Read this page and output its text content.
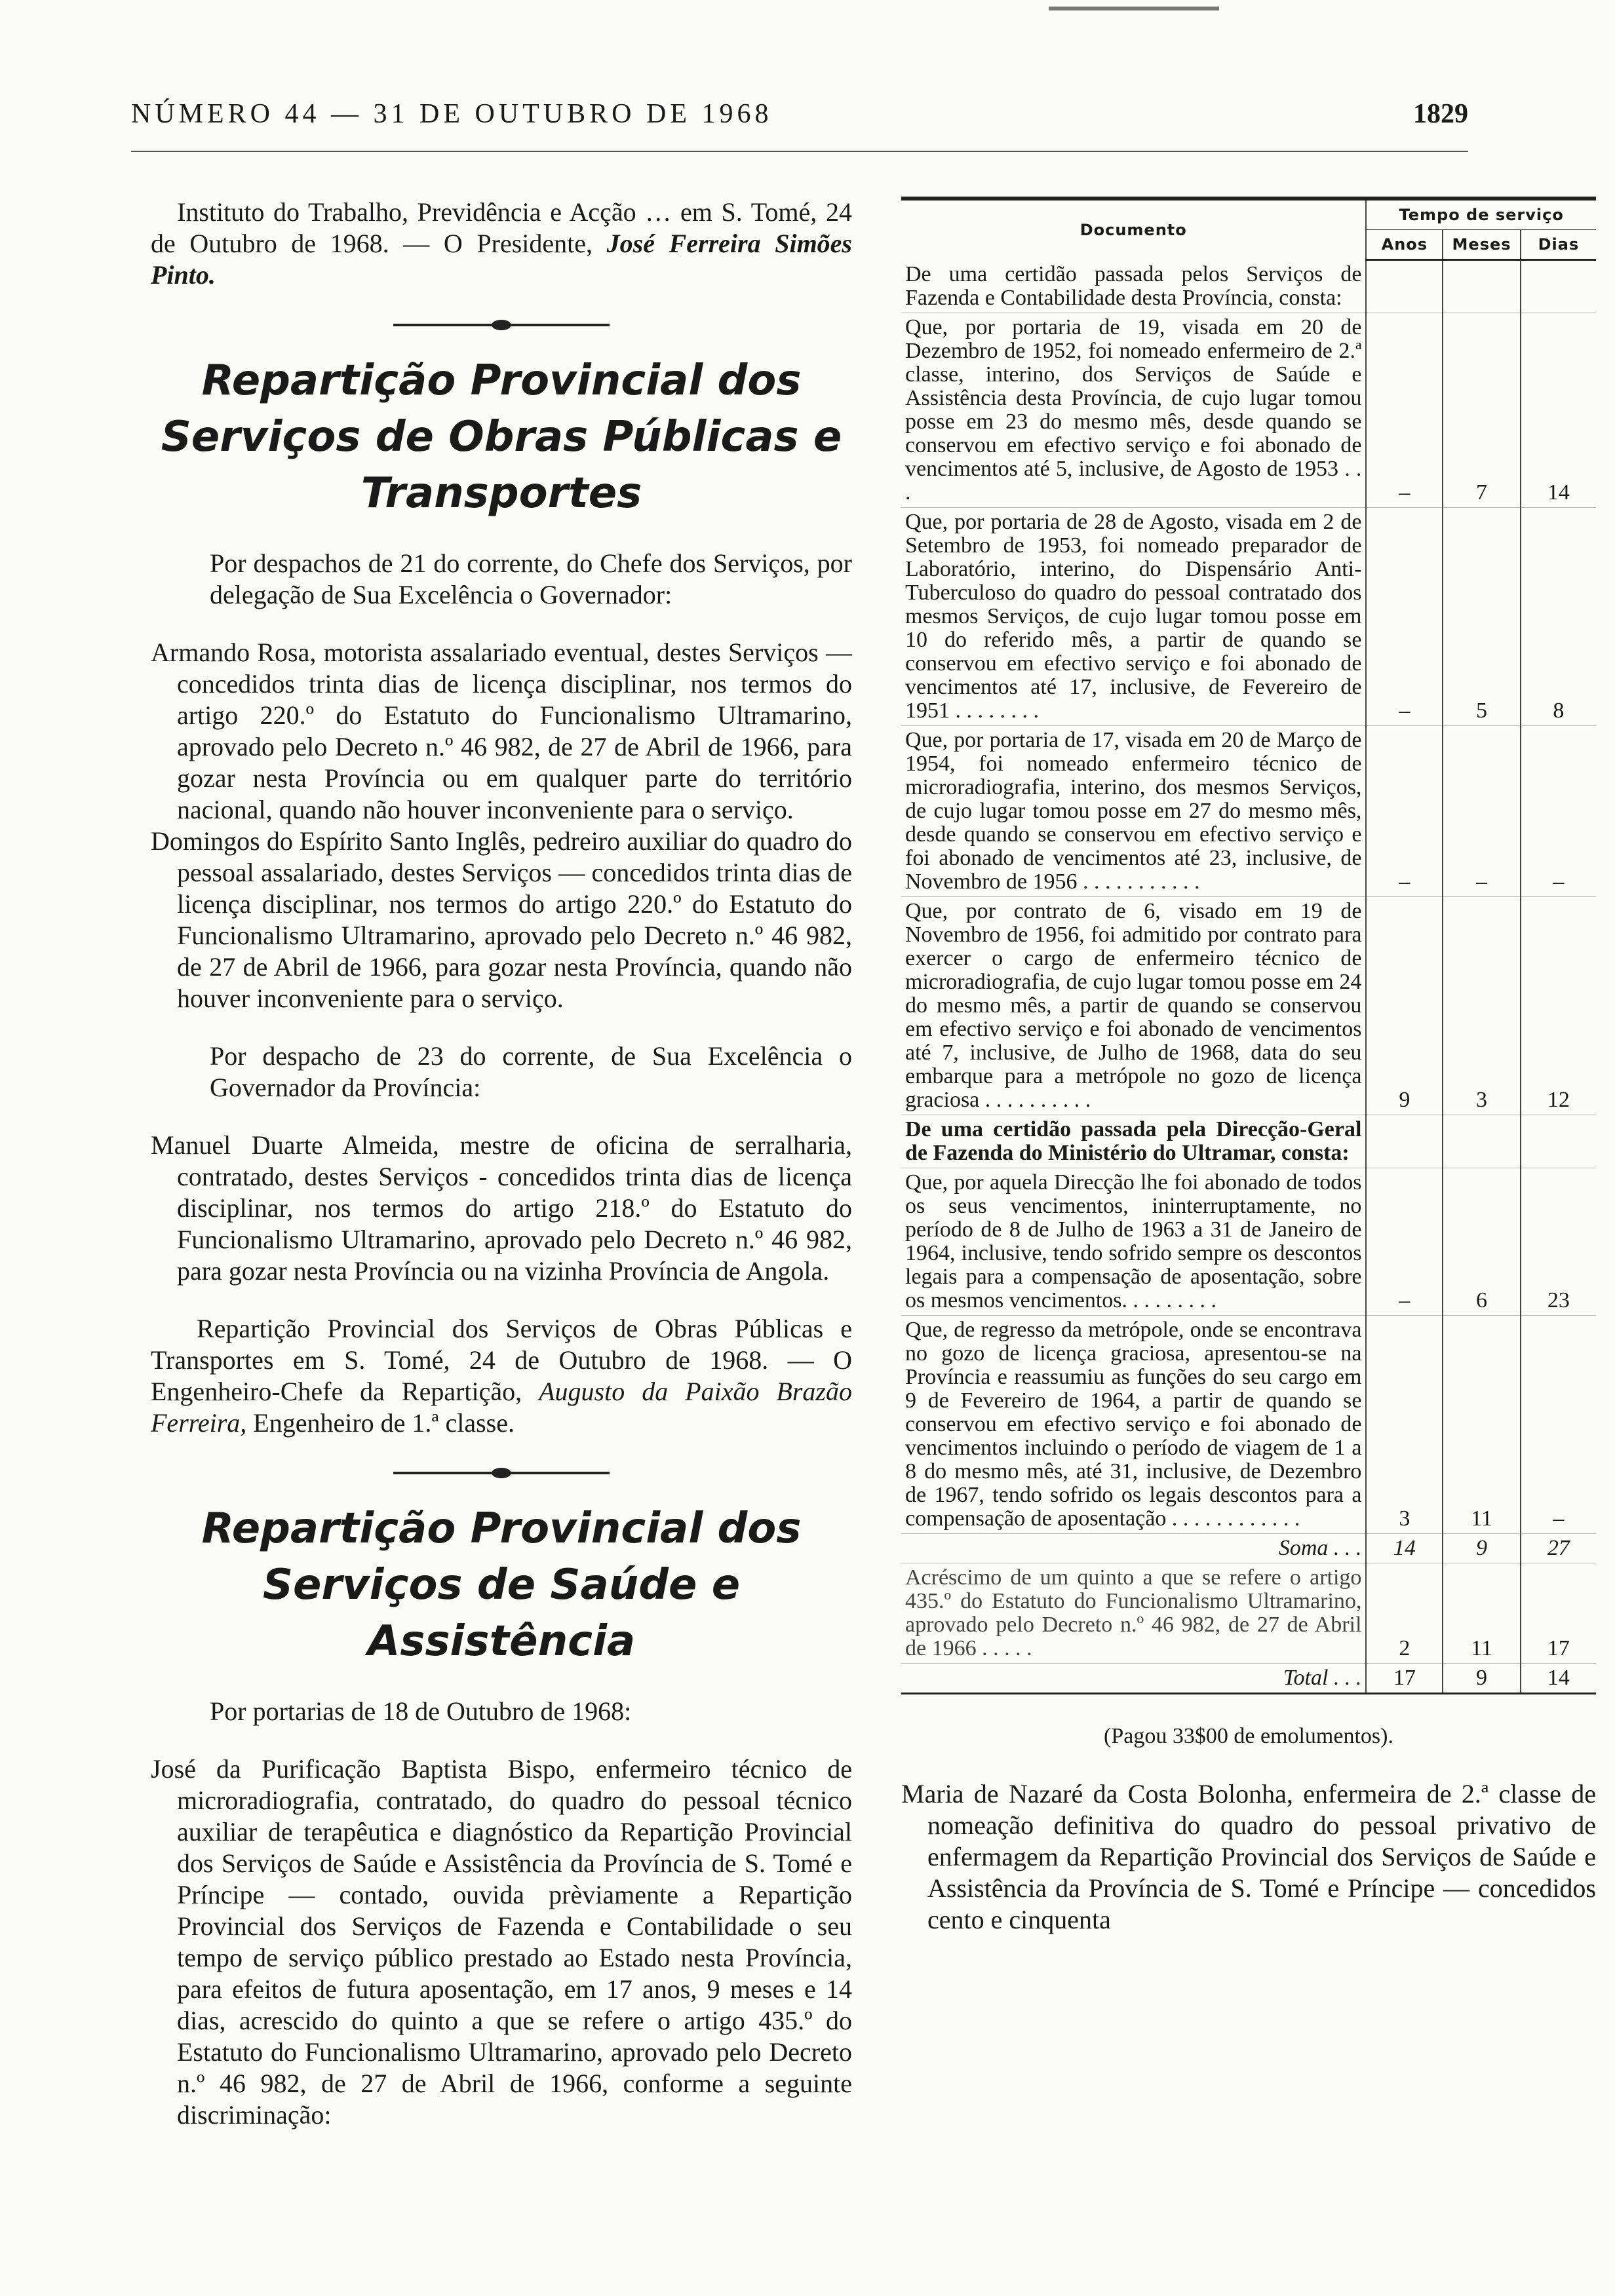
NÚMERO 44 — 31 DE OUTUBRO DE 1968	1829

Instituto do Trabalho, Previdência e Acção … em S. Tomé, 24 de Outubro de 1968. — O Presidente, José Ferreira Simões Pinto.

Repartição Provincial dos Serviços de Obras Públicas e Transportes

Por despachos de 21 do corrente, do Chefe dos Serviços, por delegação de Sua Excelência o Governador:

Armando Rosa, motorista assalariado eventual, destes Serviços — concedidos trinta dias de licença disciplinar, nos termos do artigo 220.º do Estatuto do Funcionalismo Ultramarino, aprovado pelo Decreto n.º 46 982, de 27 de Abril de 1966, para gozar nesta Província ou em qualquer parte do território nacional, quando não houver inconveniente para o serviço.

Domingos do Espírito Santo Inglês, pedreiro auxiliar do quadro do pessoal assalariado, destes Serviços — concedidos trinta dias de licença disciplinar, nos termos do artigo 220.º do Estatuto do Funcionalismo Ultramarino, aprovado pelo Decreto n.º 46 982, de 27 de Abril de 1966, para gozar nesta Província, quando não houver inconveniente para o serviço.

Por despacho de 23 do corrente, de Sua Excelência o Governador da Província:

Manuel Duarte Almeida, mestre de oficina de serralharia, contratado, destes Serviços - concedidos trinta dias de licença disciplinar, nos termos do artigo 218.º do Estatuto do Funcionalismo Ultramarino, aprovado pelo Decreto n.º 46 982, para gozar nesta Província ou na vizinha Província de Angola.

Repartição Provincial dos Serviços de Obras Públicas e Transportes em S. Tomé, 24 de Outubro de 1968. — O Engenheiro-Chefe da Repartição, Augusto da Paixão Brazão Ferreira, Engenheiro de 1.ª classe.

Repartição Provincial dos Serviços de Saúde e Assistência

Por portarias de 18 de Outubro de 1968:

José da Purificação Baptista Bispo, enfermeiro técnico de microradiografia, contratado, do quadro do pessoal técnico auxiliar de terapêutica e diagnóstico da Repartição Provincial dos Serviços de Saúde e Assistência da Província de S. Tomé e Príncipe — contado, ouvida prèviamente a Repartição Provincial dos Serviços de Fazenda e Contabilidade o seu tempo de serviço público prestado ao Estado nesta Província, para efeitos de futura aposentação, em 17 anos, 9 meses e 14 dias, acrescido do quinto a que se refere o artigo 435.º do Estatuto do Funcionalismo Ultramarino, aprovado pelo Decreto n.º 46 982, de 27 de Abril de 1966, conforme a seguinte discriminação:

Documento	Tempo de serviço		
	Anos	Meses	Dias
De uma certidão passada pelos Serviços de Fazenda e Contabilidade desta Província, consta:			
Que, por portaria de 19, visada em 20 de Dezembro de 1952, foi nomeado enfermeiro de 2.ª classe, interino, dos Serviços de Saúde e Assistência desta Província, de cujo lugar tomou posse em 23 do mesmo mês, desde quando se conservou em efectivo serviço e foi abonado de vencimentos até 5, inclusive, de Agosto de 1953 . . .	–	7	14
Que, por portaria de 28 de Agosto, visada em 2 de Setembro de 1953, foi nomeado preparador de Laboratório, interino, do Dispensário Anti-Tuberculoso do quadro do pessoal contratado dos mesmos Serviços, de cujo lugar tomou posse em 10 do referido mês, a partir de quando se conservou em efectivo serviço e foi abonado de vencimentos até 17, inclusive, de Fevereiro de 1951 . . . . . . . .	–	5	8
Que, por portaria de 17, visada em 20 de Março de 1954, foi nomeado enfermeiro técnico de microradiografia, interino, dos mesmos Serviços, de cujo lugar tomou posse em 27 do mesmo mês, desde quando se conservou em efectivo serviço e foi abonado de vencimentos até 23, inclusive, de Novembro de 1956 . . . . . . . . . . .	–	–	–
Que, por contrato de 6, visado em 19 de Novembro de 1956, foi admitido por contrato para exercer o cargo de enfermeiro técnico de microradiografia, de cujo lugar tomou posse em 24 do mesmo mês, a partir de quando se conservou em efectivo serviço e foi abonado de vencimentos até 7, inclusive, de Julho de 1968, data do seu embarque para a metrópole no gozo de licença graciosa . . . . . . . . . .	9	3	12
De uma certidão passada pela Direcção-Geral de Fazenda do Ministério do Ultramar, consta:			
Que, por aquela Direcção lhe foi abonado de todos os seus vencimentos, ininterruptamente, no período de 8 de Julho de 1963 a 31 de Janeiro de 1964, inclusive, tendo sofrido sempre os descontos legais para a compensação de aposentação, sobre os mesmos vencimentos. . . . . . . . .	–	6	23
Que, de regresso da metrópole, onde se encontrava no gozo de licença graciosa, apresentou-se na Província e reassumiu as funções do seu cargo em 9 de Fevereiro de 1964, a partir de quando se conservou em efectivo serviço e foi abonado de vencimentos incluindo o período de viagem de 1 a 8 do mesmo mês, até 31, inclusive, de Dezembro de 1967, tendo sofrido os legais descontos para a compensação de aposentação . . . . . . . . . . . .	3	11	–
Soma . . .	14	9	27
Acréscimo de um quinto a que se refere o artigo 435.º do Estatuto do Funcionalismo Ultramarino, aprovado pelo Decreto n.º 46 982, de 27 de Abril de 1966 . . . . .	2	11	17
Total . . .	17	9	14

(Pagou 33$00 de emolumentos).

Maria de Nazaré da Costa Bolonha, enfermeira de 2.ª classe de nomeação definitiva do quadro do pessoal privativo de enfermagem da Repartição Provincial dos Serviços de Saúde e Assistência da Província de S. Tomé e Príncipe — concedidos cento e cinquenta
